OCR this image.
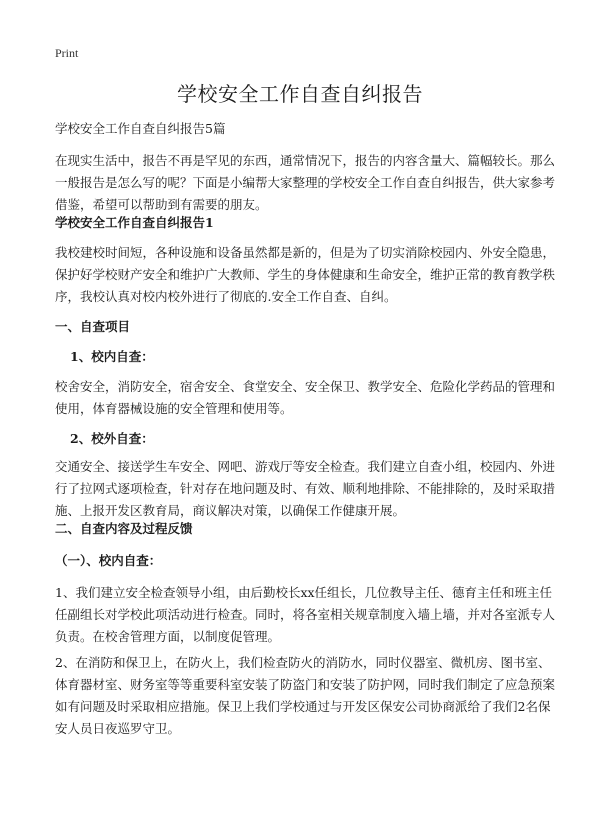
Print
学校安全工作自查自纠报告

学校安全工作自查自纠报告5篇

在现实生活中，报告不再是罕见的东西，通常情况下，报告的内容含量大、篇幅较长。那么一般报告是怎么写的呢？下面是小编帮大家整理的学校安全工作自查自纠报告，供大家参考借鉴，希望可以帮助到有需要的朋友。

学校安全工作自查自纠报告1

我校建校时间短，各种设施和设备虽然都是新的，但是为了切实消除校园内、外安全隐患，保护好学校财产安全和维护广大教师、学生的身体健康和生命安全，维护正常的教育教学秩序，我校认真对校内校外进行了彻底的.安全工作自查、自纠。

一、自查项目

1、校内自查：

校舍安全，消防安全，宿舍安全、食堂安全、安全保卫、教学安全、危险化学药品的管理和使用，体育器械设施的安全管理和使用等。

2、校外自查：

交通安全、接送学生车安全、网吧、游戏厅等安全检查。我们建立自查小组，校园内、外进行了拉网式逐项检查，针对存在地问题及时、有效、顺利地排除、不能排除的，及时采取措施、上报开发区教育局，商议解决对策，以确保工作健康开展。

二、自查内容及过程反馈

（一）、校内自查：

1、我们建立安全检查领导小组，由后勤校长xx任组长，几位教导主任、德育主任和班主任任副组长对学校此项活动进行检查。同时，将各室相关规章制度入墙上墙，并对各室派专人负责。在校舍管理方面，以制度促管理。

2、在消防和保卫上，在防火上，我们检查防火的消防水，同时仪器室、微机房、图书室、体育器材室、财务室等等重要科室安装了防盗门和安装了防护网，同时我们制定了应急预案如有问题及时采取相应措施。保卫上我们学校通过与开发区保安公司协商派给了我们2名保安人员日夜巡罗守卫。
